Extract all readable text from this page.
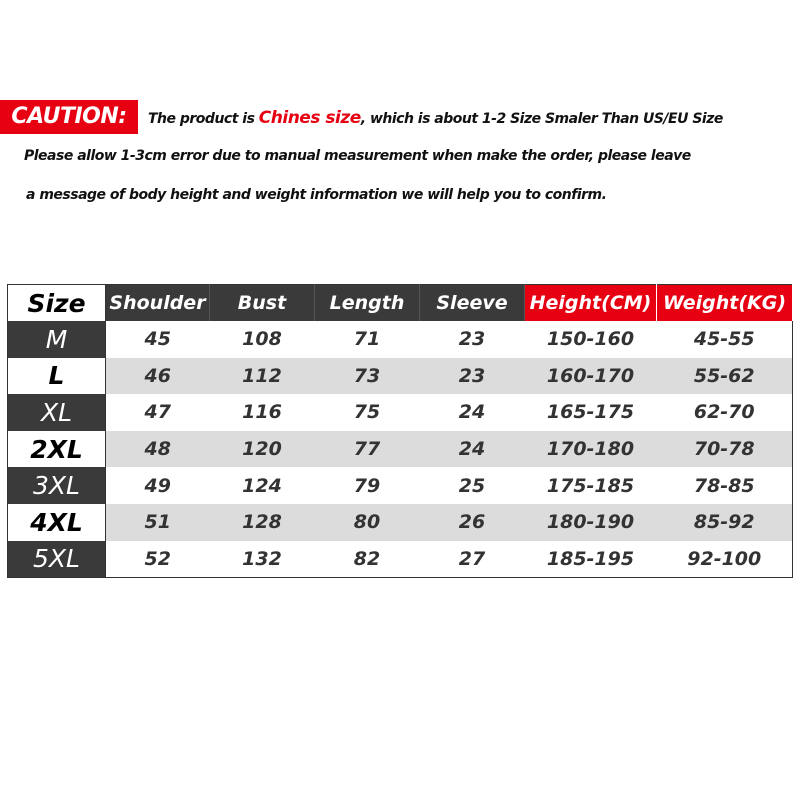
CAUTION:	The product is Chines size, which is about 1-2 Size Smaler Than US/EU Size
Please allow 1-3cm error due to manual measurement when make the order, please leave
a message of body height and weight information we will help you to confirm.
Size	Shoulder	Bust	Length	Sleeve	Height(CM)	Weight(KG)
M	45	108	71	23	150-160	45-55
L	46	112	73	23	160-170	55-62
XL	47	116	75	24	165-175	62-70
2XL	48	120	77	24	170-180	70-78
3XL	49	124	79	25	175-185	78-85
4XL	51	128	80	26	180-190	85-92
5XL	52	132	82	27	185-195	92-100
